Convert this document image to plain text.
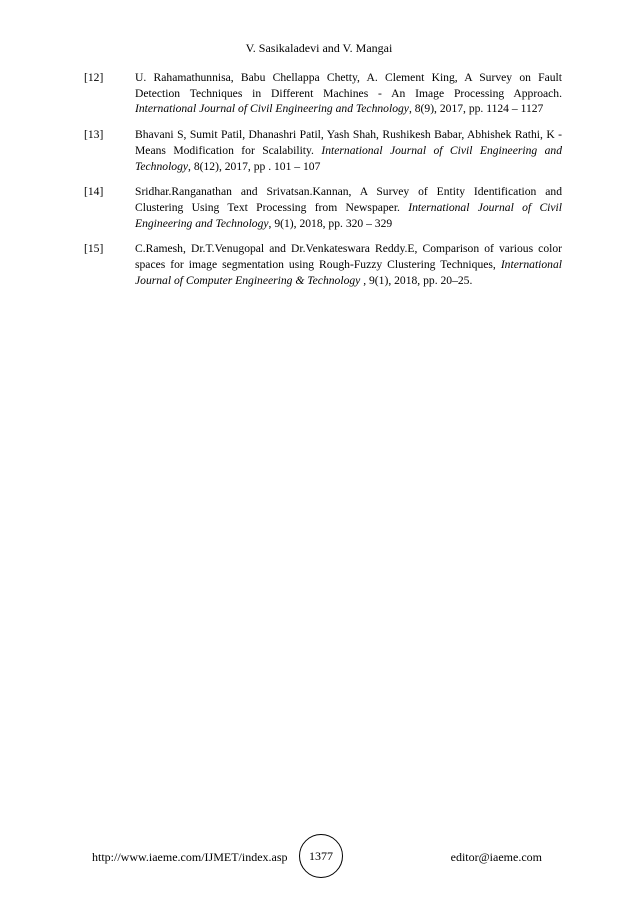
V. Sasikaladevi and V. Mangai
[12]	U. Rahamathunnisa, Babu Chellappa Chetty, A. Clement King, A Survey on Fault Detection Techniques in Different Machines - An Image Processing Approach. International Journal of Civil Engineering and Technology, 8(9), 2017, pp. 1124 – 1127
[13]	Bhavani S, Sumit Patil, Dhanashri Patil, Yash Shah, Rushikesh Babar, Abhishek Rathi, K - Means Modification for Scalability. International Journal of Civil Engineering and Technology, 8(12), 2017, pp . 101 – 107
[14]	Sridhar.Ranganathan and Srivatsan.Kannan, A Survey of Entity Identification and Clustering Using Text Processing from Newspaper. International Journal of Civil Engineering and Technology, 9(1), 2018, pp. 320 – 329
[15]	C.Ramesh, Dr.T.Venugopal and Dr.Venkateswara Reddy.E, Comparison of various color spaces for image segmentation using Rough-Fuzzy Clustering Techniques, International Journal of Computer Engineering & Technology , 9(1), 2018, pp. 20–25.
http://www.iaeme.com/IJMET/index.asp	1377	editor@iaeme.com
